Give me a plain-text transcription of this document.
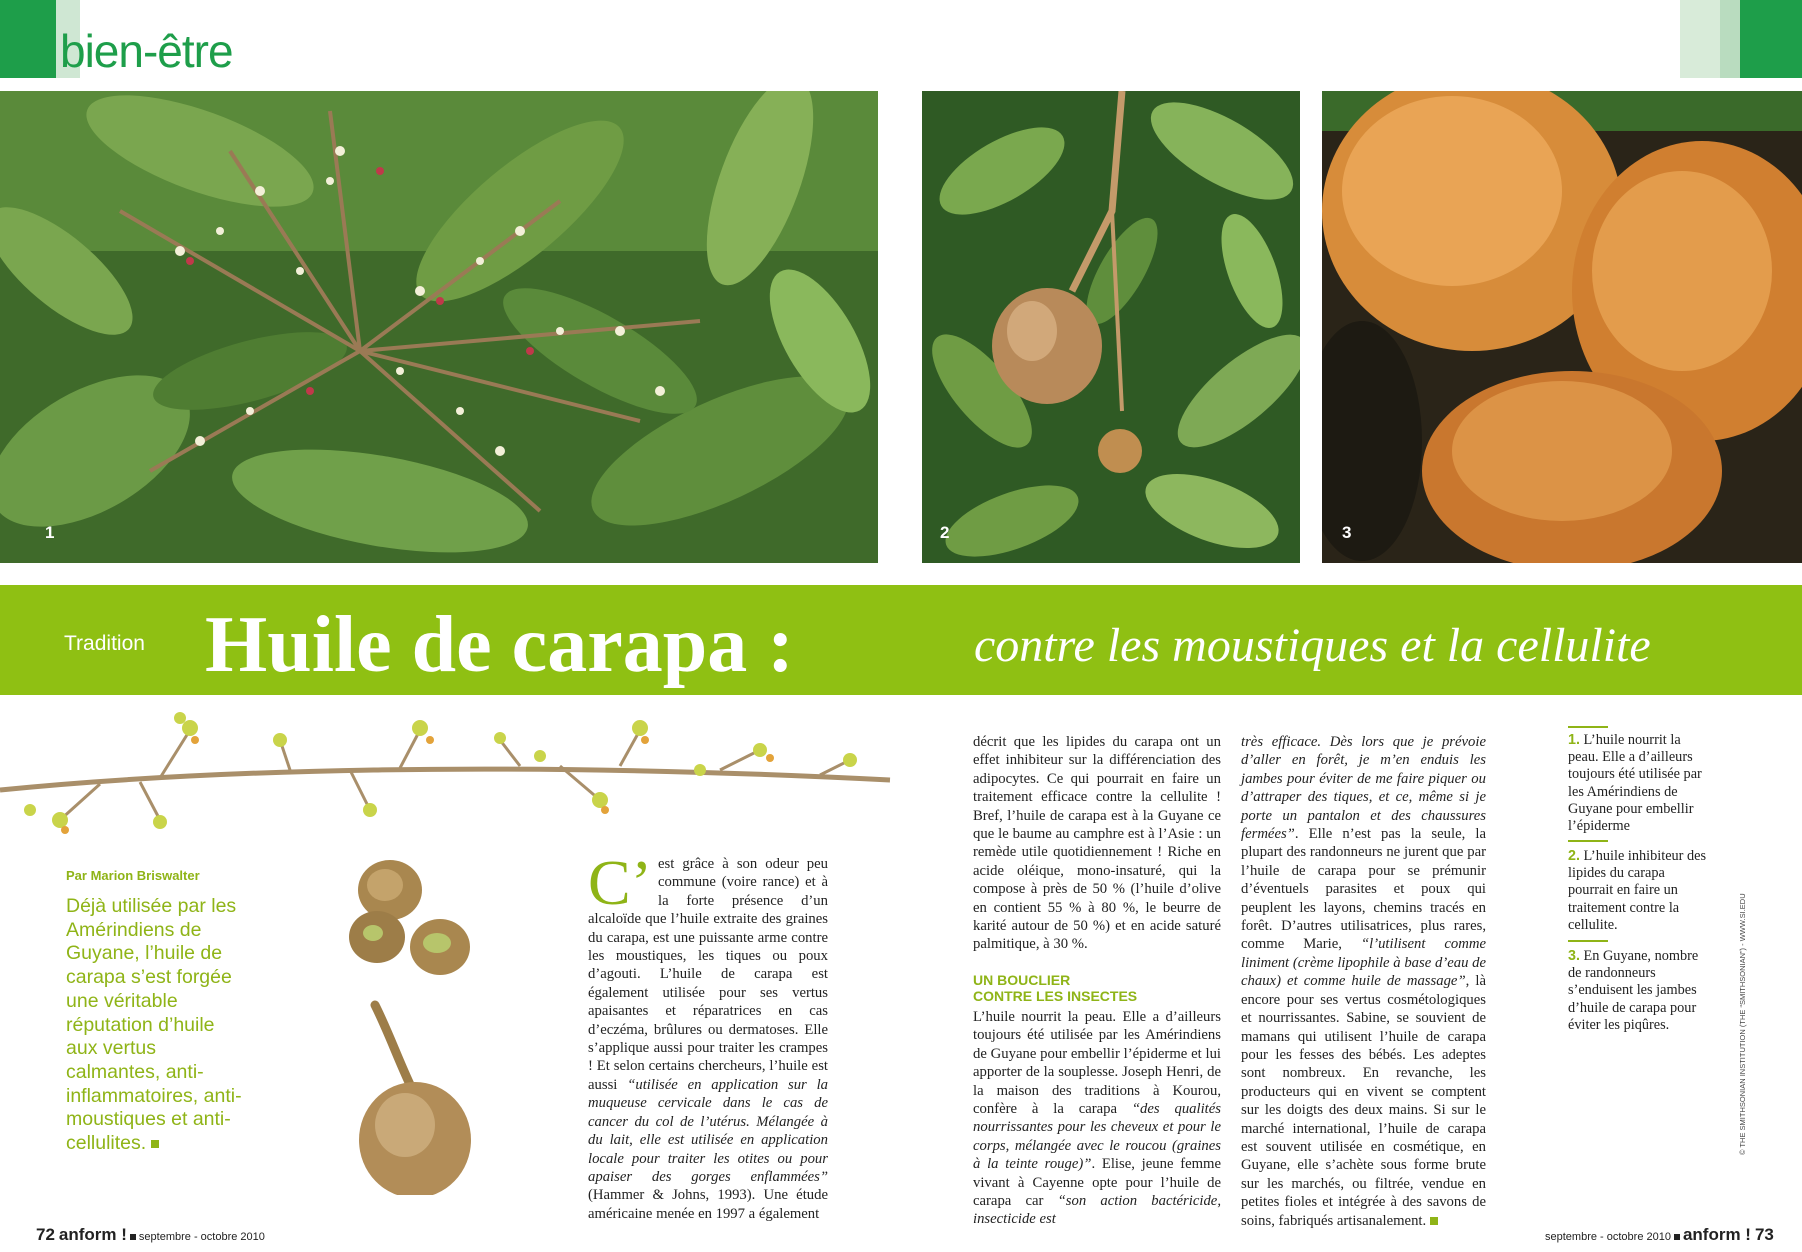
bien-être
1	2	3
Tradition Huile de carapa :	contre les moustiques et la cellulite
Par Marion Briswalter

Déjà utilisée par les Amérindiens de Guyane, l’huile de carapa s’est forgée une véritable réputation d’huile aux vertus calmantes, anti-inflammatoires, anti-moustiques et anti-cellulites.

C’ est grâce à son odeur peu commune (voire rance) et à la forte présence d’un alcaloïde que l’huile extraite des graines du carapa, est une puissante arme contre les moustiques, les tiques ou poux d’agouti. L’huile de carapa est également utilisée pour ses vertus apaisantes et réparatrices en cas d’eczéma, brûlures ou dermatoses. Elle s’applique aussi pour traiter les crampes ! Et selon certains chercheurs, l’huile est aussi “utilisée en application sur la muqueuse cervicale dans le cas de cancer du col de l’utérus. Mélangée à du lait, elle est utilisée en application locale pour traiter les otites ou pour apaiser des gorges enflammées” (Hammer & Johns, 1993). Une étude américaine menée en 1997 a également

décrit que les lipides du carapa ont un effet inhibiteur sur la différenciation des adipocytes. Ce qui pourrait en faire un traitement efficace contre la cellulite ! Bref, l’huile de carapa est à la Guyane ce que le baume au camphre est à l’Asie : un remède utile quotidiennement ! Riche en acide oléique, mono-insaturé, qui la compose à près de 50 % (l’huile d’olive en contient 55 % à 80 %, le beurre de karité autour de 50 %) et en acide saturé palmitique, à 30 %.

UN BOUCLIER
CONTRE LES INSECTES

L’huile nourrit la peau. Elle a d’ailleurs toujours été utilisée par les Amérindiens de Guyane pour embellir l’épiderme et lui apporter de la souplesse. Joseph Henri, de la maison des traditions à Kourou, confère à la carapa “des qualités nourrissantes pour les cheveux et pour le corps, mélangée avec le roucou (graines à la teinte rouge)”. Elise, jeune femme vivant à Cayenne opte pour l’huile de carapa car “son action bactéricide, insecticide est

très efficace. Dès lors que je prévoie d’aller en forêt, je m’en enduis les jambes pour éviter de me faire piquer ou d’attraper des tiques, et ce, même si je porte un pantalon et des chaussures fermées”. Elle n’est pas la seule, la plupart des randonneurs ne jurent que par l’huile de carapa pour se prémunir d’éventuels parasites et poux qui peuplent les layons, chemins tracés en forêt. D’autres utilisatrices, plus rares, comme Marie, “l’utilisent comme liniment (crème lipophile à base d’eau de chaux) et comme huile de massage”, là encore pour ses vertus cosmétologiques et nourrissantes. Sabine, se souvient de mamans qui utilisent l’huile de carapa pour les fesses des bébés. Les adeptes sont nombreux. En revanche, les producteurs qui en vivent se comptent sur les doigts des deux mains. Si sur le marché international, l’huile de carapa est souvent utilisée en cosmétique, en Guyane, elle s’achète sous forme brute sur les marchés, ou filtrée, vendue en petites fioles et intégrée à des savons de soins, fabriqués artisanalement.

1. L’huile nourrit la peau. Elle a d’ailleurs toujours été utilisée par les Amérindiens de Guyane pour embellir l’épiderme
2. L’huile inhibiteur des lipides du carapa pourrait en faire un traitement contre la cellulite.
3. En Guyane, nombre de randonneurs s’enduisent les jambes d’huile de carapa pour éviter les piqûres.	© THE SMITHSONIAN INSTITUTION (THE “SMITHSONIAN”) - WWW.SI.EDU
72 anform ! septembre - octobre 2010	septembre - octobre 2010 anform ! 73
